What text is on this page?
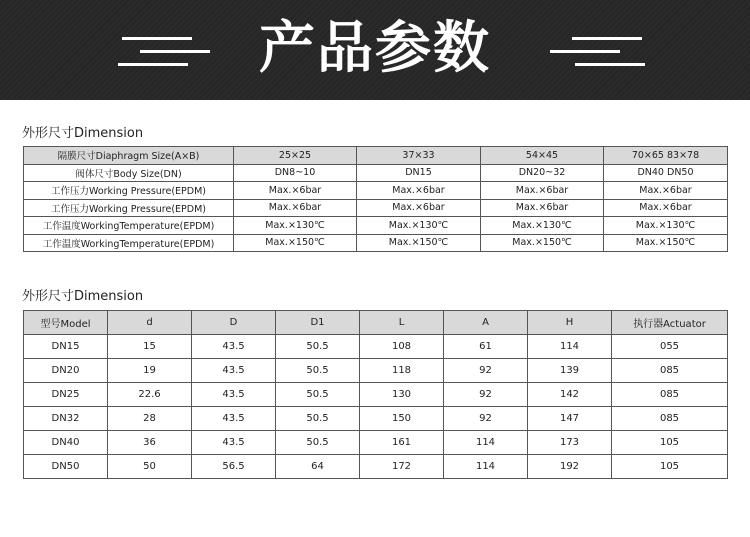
产品参数
外形尺寸Dimension
隔膜尺寸Diaphragm Size(A×B)	25×25	37×33	54×45	70×65 83×78
阀体尺寸Body Size(DN)	DN8~10	DN15	DN20~32	DN40 DN50
工作压力Working Pressure(EPDM)	Max.×6bar	Max.×6bar	Max.×6bar	Max.×6bar
工作压力Working Pressure(EPDM)	Max.×6bar	Max.×6bar	Max.×6bar	Max.×6bar
工作温度WorkingTemperature(EPDM)	Max.×130℃	Max.×130℃	Max.×130℃	Max.×130℃
工作温度WorkingTemperature(EPDM)	Max.×150℃	Max.×150℃	Max.×150℃	Max.×150℃
外形尺寸Dimension
型号Model	d	D	D1	L	A	H	执行器Actuator
DN15	15	43.5	50.5	108	61	114	055
DN20	19	43.5	50.5	118	92	139	085
DN25	22.6	43.5	50.5	130	92	142	085
DN32	28	43.5	50.5	150	92	147	085
DN40	36	43.5	50.5	161	114	173	105
DN50	50	56.5	64	172	114	192	105
